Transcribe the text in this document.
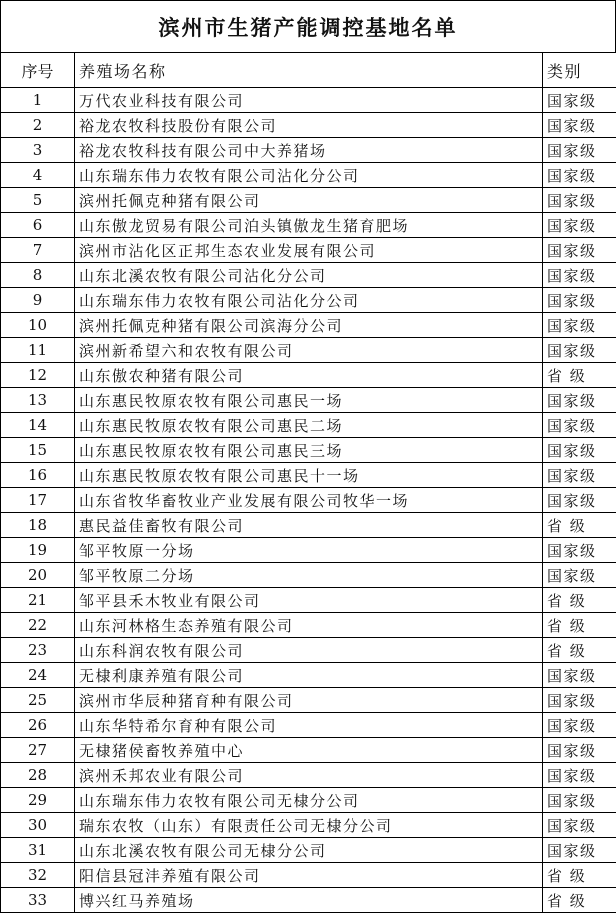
滨州市生猪产能调控基地名单
序号	养殖场名称	类别
1	万代农业科技有限公司	国家级
2	裕龙农牧科技股份有限公司	国家级
3	裕龙农牧科技有限公司中大养猪场	国家级
4	山东瑞东伟力农牧有限公司沾化分公司	国家级
5	滨州托佩克种猪有限公司	国家级
6	山东傲龙贸易有限公司泊头镇傲龙生猪育肥场	国家级
7	滨州市沾化区正邦生态农业发展有限公司	国家级
8	山东北溪农牧有限公司沾化分公司	国家级
9	山东瑞东伟力农牧有限公司沾化分公司	国家级
10	滨州托佩克种猪有限公司滨海分公司	国家级
11	滨州新希望六和农牧有限公司	国家级
12	山东傲农种猪有限公司	省 级
13	山东惠民牧原农牧有限公司惠民一场	国家级
14	山东惠民牧原农牧有限公司惠民二场	国家级
15	山东惠民牧原农牧有限公司惠民三场	国家级
16	山东惠民牧原农牧有限公司惠民十一场	国家级
17	山东省牧华畜牧业产业发展有限公司牧华一场	国家级
18	惠民益佳畜牧有限公司	省 级
19	邹平牧原一分场	国家级
20	邹平牧原二分场	国家级
21	邹平县禾木牧业有限公司	省 级
22	山东河林格生态养殖有限公司	省 级
23	山东科润农牧有限公司	省 级
24	无棣利康养殖有限公司	国家级
25	滨州市华辰种猪育种有限公司	国家级
26	山东华特希尔育种有限公司	国家级
27	无棣猪侯畜牧养殖中心	国家级
28	滨州禾邦农业有限公司	国家级
29	山东瑞东伟力农牧有限公司无棣分公司	国家级
30	瑞东农牧（山东）有限责任公司无棣分公司	国家级
31	山东北溪农牧有限公司无棣分公司	国家级
32	阳信县冠沣养殖有限公司	省 级
33	博兴红马养殖场	省 级
